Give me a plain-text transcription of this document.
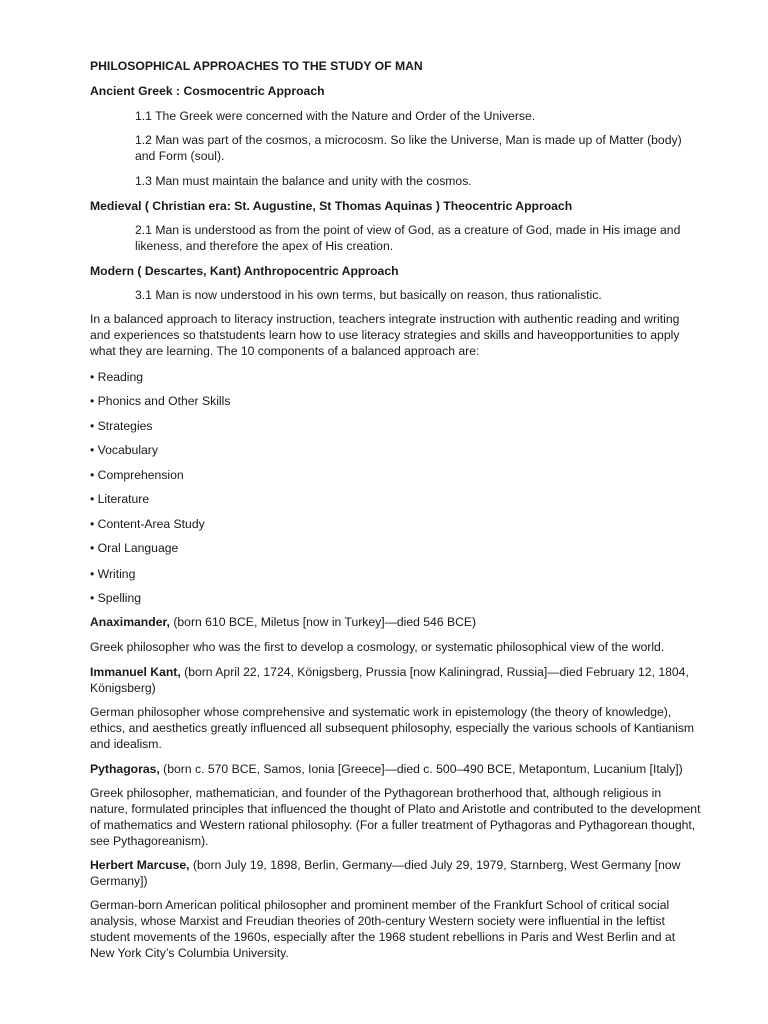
PHILOSOPHICAL APPROACHES TO THE STUDY OF MAN

Ancient Greek : Cosmocentric Approach

1.1 The Greek were concerned with the Nature and Order of the Universe.

1.2 Man was part of the cosmos, a microcosm. So like the Universe, Man is made up of Matter (body) and Form (soul).

1.3 Man must maintain the balance and unity with the cosmos.

Medieval ( Christian era: St. Augustine, St Thomas Aquinas ) Theocentric Approach

2.1 Man is understood as from the point of view of God, as a creature of God, made in His image and likeness, and therefore the apex of His creation.

Modern ( Descartes, Kant) Anthropocentric Approach

3.1 Man is now understood in his own terms, but basically on reason, thus rationalistic.

In a balanced approach to literacy instruction, teachers integrate instruction with authentic reading and writing and experiences so thatstudents learn how to use literacy strategies and skills and haveopportunities to apply what they are learning. The 10 components of a balanced approach are:

• Reading

• Phonics and Other Skills

• Strategies

• Vocabulary

• Comprehension

• Literature

• Content-Area Study

• Oral Language

• Writing

• Spelling

Anaximander, (born 610 BCE, Miletus [now in Turkey]—died 546 BCE)

Greek philosopher who was the first to develop a cosmology, or systematic philosophical view of the world.

Immanuel Kant, (born April 22, 1724, Königsberg, Prussia [now Kaliningrad, Russia]—died February 12, 1804, Königsberg)

German philosopher whose comprehensive and systematic work in epistemology (the theory of knowledge), ethics, and aesthetics greatly influenced all subsequent philosophy, especially the various schools of Kantianism and idealism.

Pythagoras, (born c. 570 BCE, Samos, Ionia [Greece]—died c. 500–490 BCE, Metapontum, Lucanium [Italy])

Greek philosopher, mathematician, and founder of the Pythagorean brotherhood that, although religious in nature, formulated principles that influenced the thought of Plato and Aristotle and contributed to the development of mathematics and Western rational philosophy. (For a fuller treatment of Pythagoras and Pythagorean thought, see Pythagoreanism).

Herbert Marcuse, (born July 19, 1898, Berlin, Germany—died July 29, 1979, Starnberg, West Germany [now Germany])

German-born American political philosopher and prominent member of the Frankfurt School of critical social analysis, whose Marxist and Freudian theories of 20th-century Western society were influential in the leftist student movements of the 1960s, especially after the 1968 student rebellions in Paris and West Berlin and at New York City’s Columbia University.
